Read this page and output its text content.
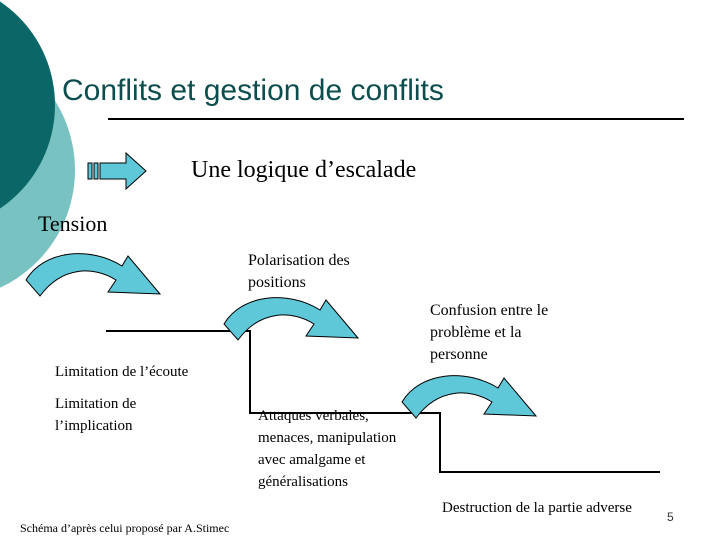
Conflits et gestion de conflits
Une logique d’escalade
Tension
Polarisation des positions
Confusion entre le problème et la personne
Limitation de l’écoute
Limitation de l’implication
Attaques verbales, menaces, manipulation avec amalgame et généralisations
Destruction de la partie adverse
Schéma d’après celui proposé par A.Stimec
5
